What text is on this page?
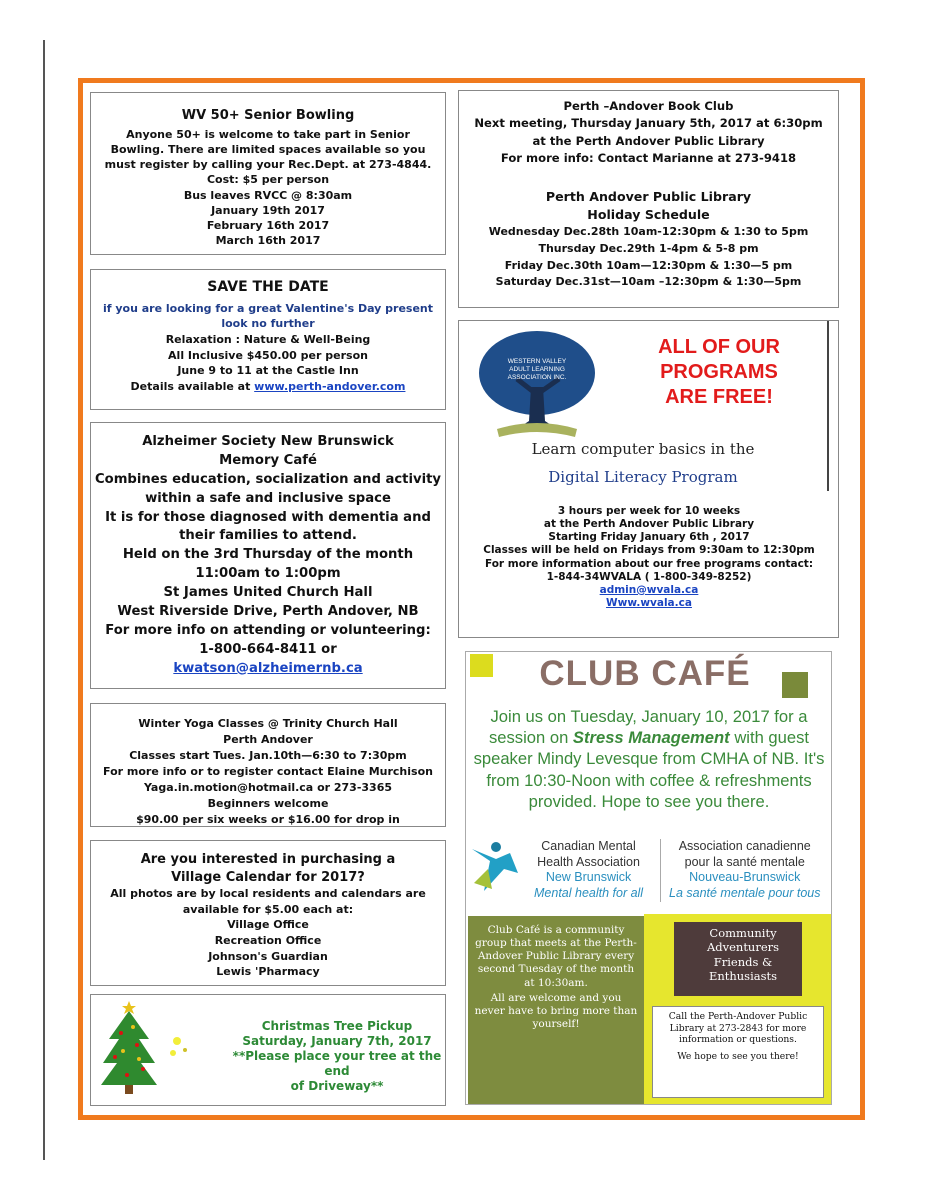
WV 50+ Senior Bowling

Anyone 50+ is welcome to take part in Senior

Bowling. There are limited spaces available so you

must register by calling your Rec.Dept. at 273-4844.

Cost: $5 per person

Bus leaves RVCC @ 8:30am

January 19th 2017

February 16th 2017

March 16th 2017

SAVE THE DATE

if you are looking for a great Valentine's Day present

look no further

Relaxation : Nature & Well-Being

All Inclusive $450.00 per person

June 9 to 11 at the Castle Inn

Details available at www.perth-andover.com

Alzheimer Society New Brunswick

Memory Café

Combines education, socialization and activity

within a safe and inclusive space

It is for those diagnosed with dementia and

their families to attend.

Held on the 3rd Thursday of the month

11:00am to 1:00pm

St James United Church Hall

West Riverside Drive, Perth Andover, NB

For more info on attending or volunteering:

1-800-664-8411 or

kwatson@alzheimernb.ca

Winter Yoga Classes @ Trinity Church Hall

Perth Andover

Classes start Tues. Jan.10th—6:30 to 7:30pm

For more info or to register contact Elaine Murchison

Yaga.in.motion@hotmail.ca or 273-3365

Beginners welcome

$90.00 per six weeks or $16.00 for drop in

Are you interested in purchasing a

Village Calendar for 2017?

All photos are by local residents and calendars are

available for $5.00 each at:

Village Office

Recreation Office

Johnson's Guardian

Lewis 'Pharmacy

Christmas Tree Pickup

Saturday, January 7th, 2017

**Please place your tree at the end

of Driveway**

Perth –Andover Book Club

Next meeting, Thursday January 5th, 2017 at 6:30pm

at the Perth Andover Public Library

For more info: Contact Marianne at 273-9418

Perth Andover Public Library

Holiday Schedule

Wednesday Dec.28th 10am-12:30pm & 1:30 to 5pm

Thursday Dec.29th 1-4pm & 5-8 pm

Friday Dec.30th 10am—12:30pm & 1:30—5 pm

Saturday Dec.31st—10am –12:30pm & 1:30—5pm

WESTERN VALLEY
ADULT LEARNING
ASSOCIATION INC.

ALL OF OUR

PROGRAMS

ARE FREE!

Learn computer basics in the

Digital Literacy Program

3 hours per week for 10 weeks

at the Perth Andover Public Library

Starting Friday January 6th , 2017

Classes will be held on Fridays from 9:30am to 12:30pm

For more information about our free programs contact:

1-844-34WVALA ( 1-800-349-8252)

admin@wvala.ca

Www.wvala.ca

CLUB CAFÉ

Join us on Tuesday, January 10, 2017 for a session on Stress Management with guest speaker Mindy Levesque from CMHA of NB. It's from 10:30-Noon with coffee & refreshments provided. Hope to see you there.

Canadian Mental

Health Association

New Brunswick

Mental health for all

Association canadienne

pour la santé mentale

Nouveau-Brunswick

La santé mentale pour tous

Club Café is a community group that meets at the Perth-Andover Public Library every second Tuesday of the month at 10:30am.

All are welcome and you never have to bring more than yourself!

Community

Adventurers

Friends &

Enthusiasts

Call the Perth-Andover Public Library at 273-2843 for more information or questions.

We hope to see you there!
